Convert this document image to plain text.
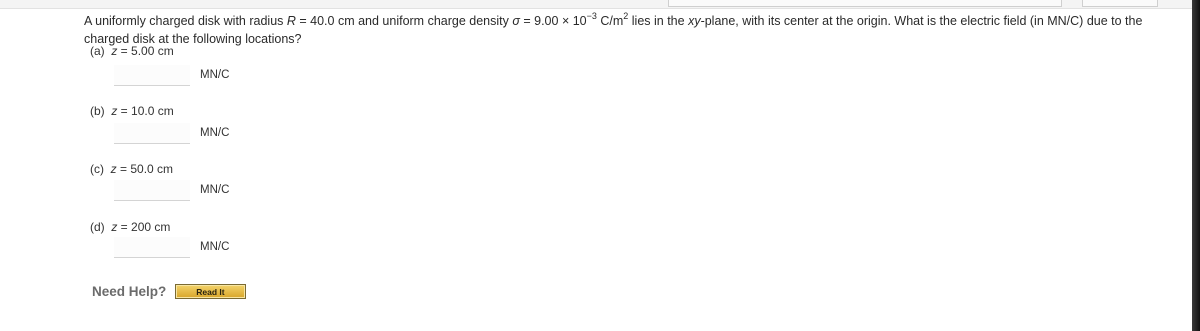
A uniformly charged disk with radius R = 40.0 cm and uniform charge density $\sigma = 9.00 \times 10^{-3}$ $C/m^2$ lies in the xy-plane, with its center at the origin. What is the electric field (in MN/C) due to the charged disk at the following locations?
(a) z = 5.00 cm
MN/C
(b) z = 10.0 cm
MN/C
(c) z = 50.0 cm
MN/C
(d) z = 200 cm
MN/C
Need Help?	Read It
